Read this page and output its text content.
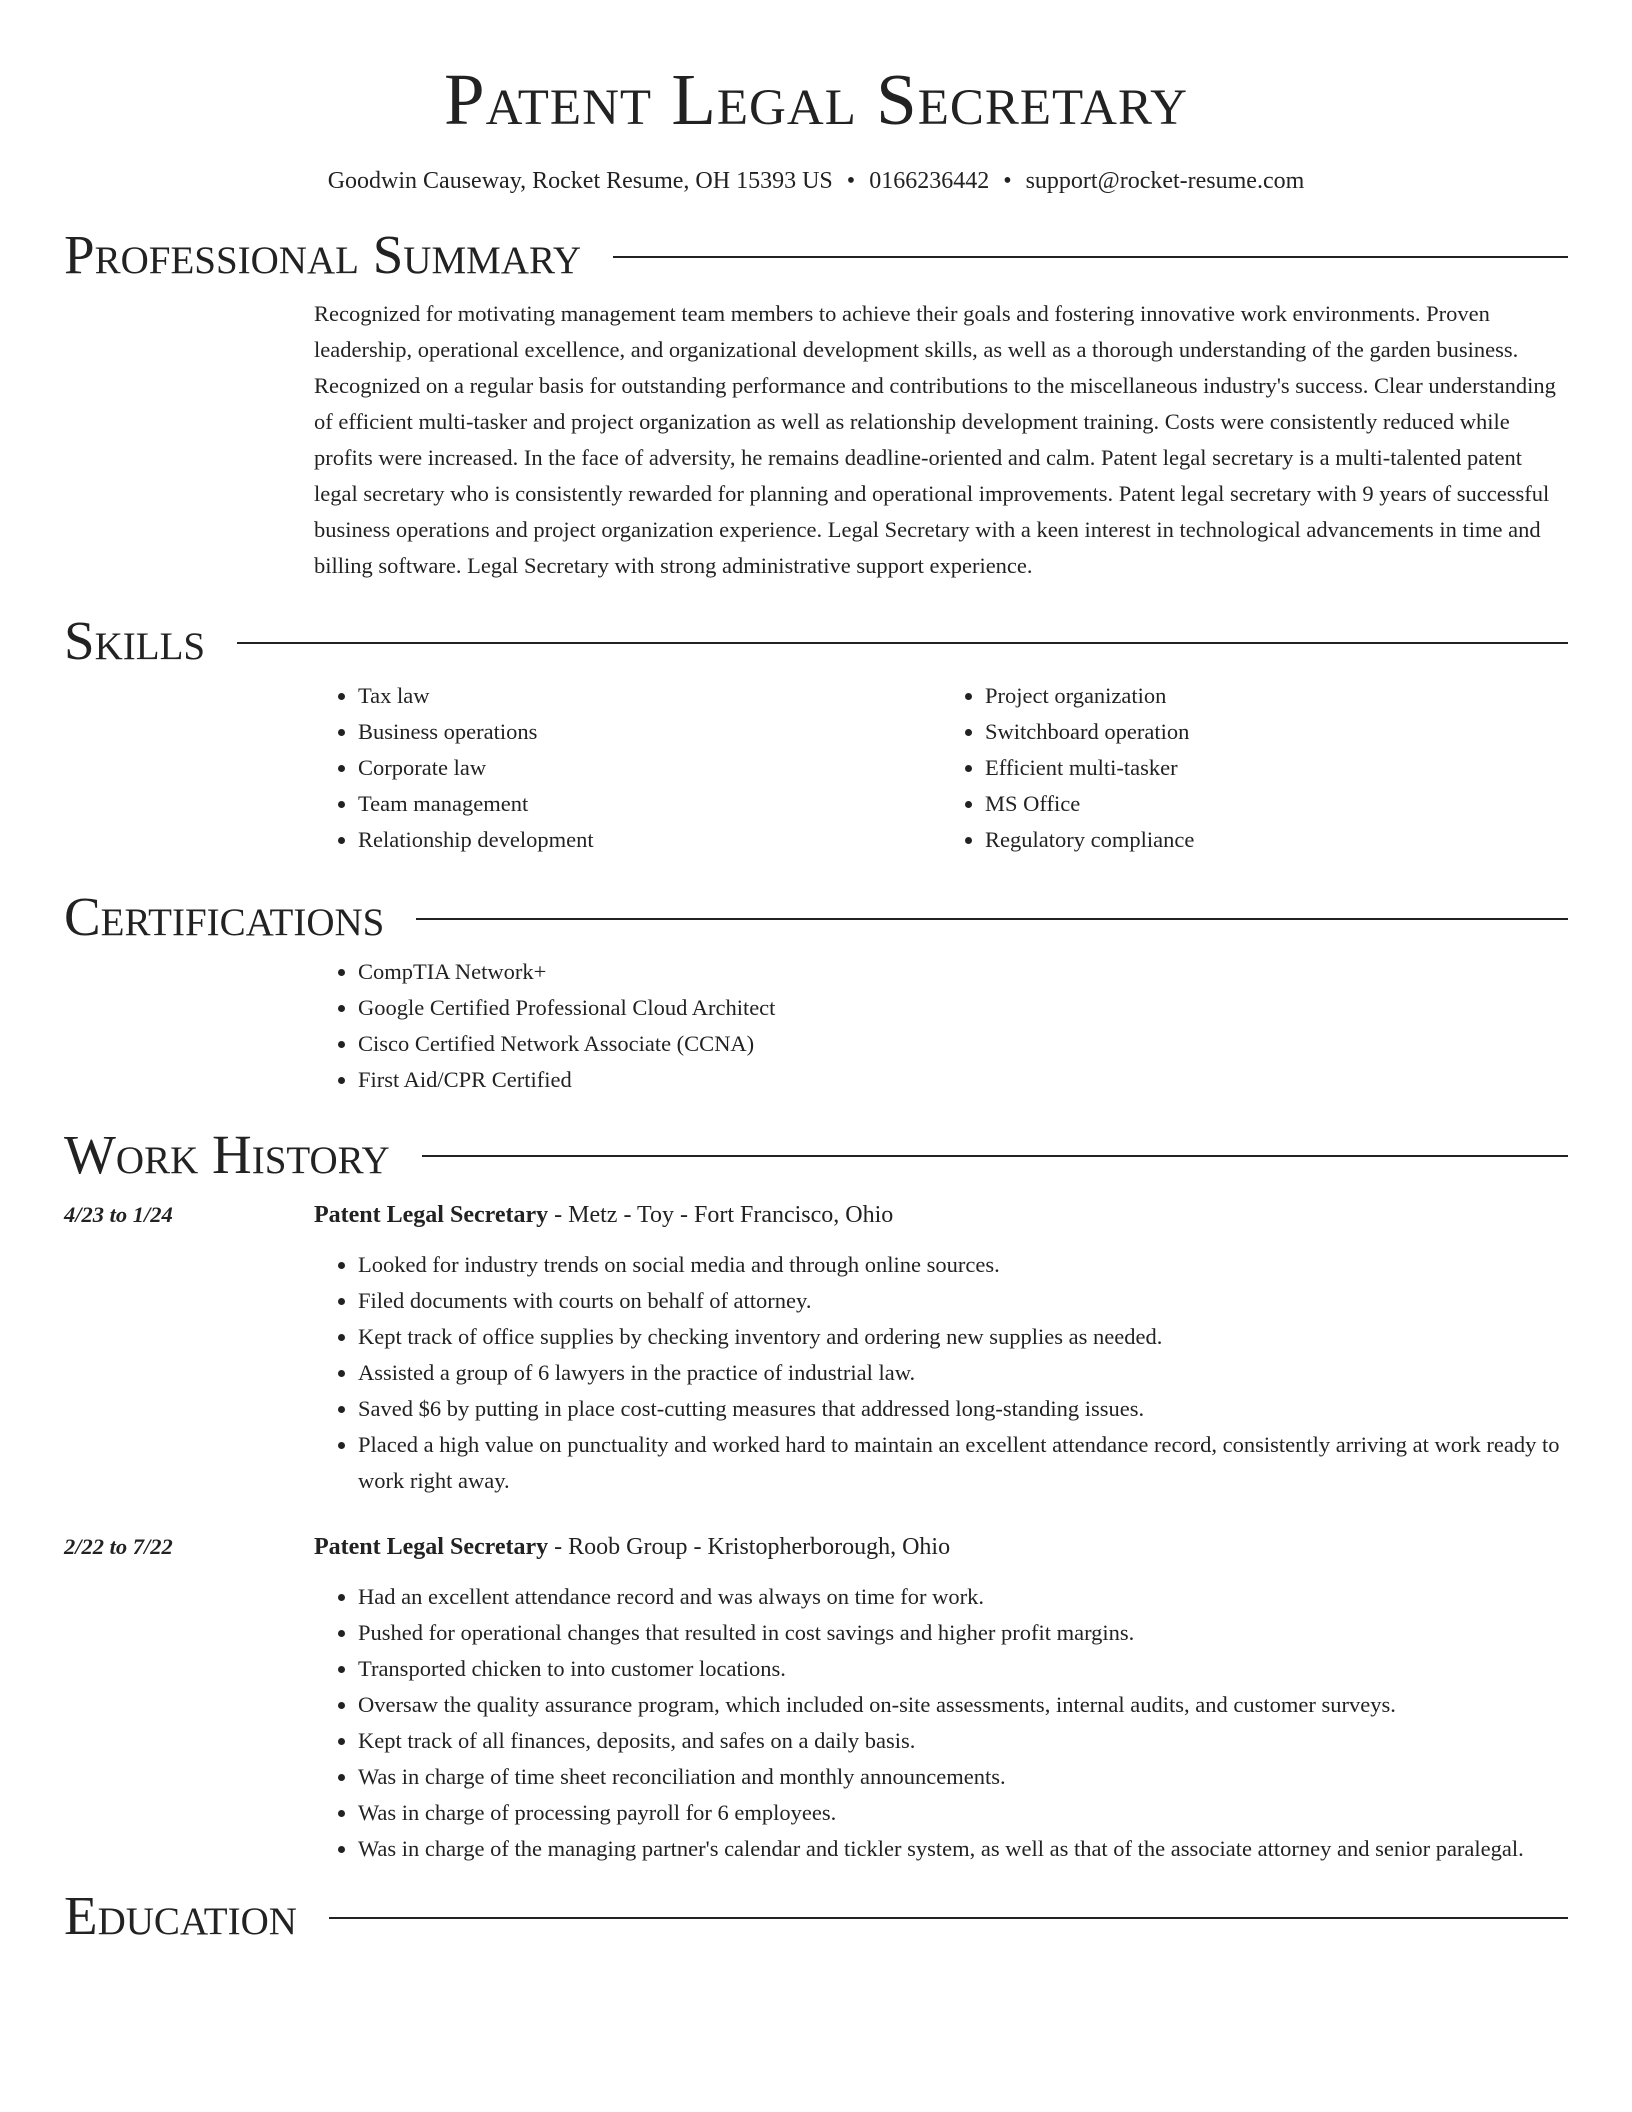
Patent Legal Secretary
Goodwin Causeway, Rocket Resume, OH 15393 US • 0166236442 • support@rocket-resume.com
Professional Summary

Recognized for motivating management team members to achieve their goals and fostering innovative work environments. Proven leadership, operational excellence, and organizational development skills, as well as a thorough understanding of the garden business. Recognized on a regular basis for outstanding performance and contributions to the miscellaneous industry's success. Clear understanding of efficient multi-tasker and project organization as well as relationship development training. Costs were consistently reduced while profits were increased. In the face of adversity, he remains deadline-oriented and calm. Patent legal secretary is a multi-talented patent legal secretary who is consistently rewarded for planning and operational improvements. Patent legal secretary with 9 years of successful business operations and project organization experience. Legal Secretary with a keen interest in technological advancements in time and billing software. Legal Secretary with strong administrative support experience.

Skills
• Tax law
• Business operations
• Corporate law
• Team management
• Relationship development
• Project organization
• Switchboard operation
• Efficient multi-tasker
• MS Office
• Regulatory compliance
Certifications
• CompTIA Network+
• Google Certified Professional Cloud Architect
• Cisco Certified Network Associate (CCNA)
• First Aid/CPR Certified
Work History
4/23 to 1/24	Patent Legal Secretary - Metz - Toy - Fort Francisco, Ohio

• Looked for industry trends on social media and through online sources.
• Filed documents with courts on behalf of attorney.
• Kept track of office supplies by checking inventory and ordering new supplies as needed.
• Assisted a group of 6 lawyers in the practice of industrial law.
• Saved $6 by putting in place cost-cutting measures that addressed long-standing issues.
• Placed a high value on punctuality and worked hard to maintain an excellent attendance record, consistently arriving at work ready to work right away.
2/22 to 7/22	Patent Legal Secretary - Roob Group - Kristopherborough, Ohio

• Had an excellent attendance record and was always on time for work.
• Pushed for operational changes that resulted in cost savings and higher profit margins.
• Transported chicken to into customer locations.
• Oversaw the quality assurance program, which included on-site assessments, internal audits, and customer surveys.
• Kept track of all finances, deposits, and safes on a daily basis.
• Was in charge of time sheet reconciliation and monthly announcements.
• Was in charge of processing payroll for 6 employees.
• Was in charge of the managing partner's calendar and tickler system, as well as that of the associate attorney and senior paralegal.
Education
